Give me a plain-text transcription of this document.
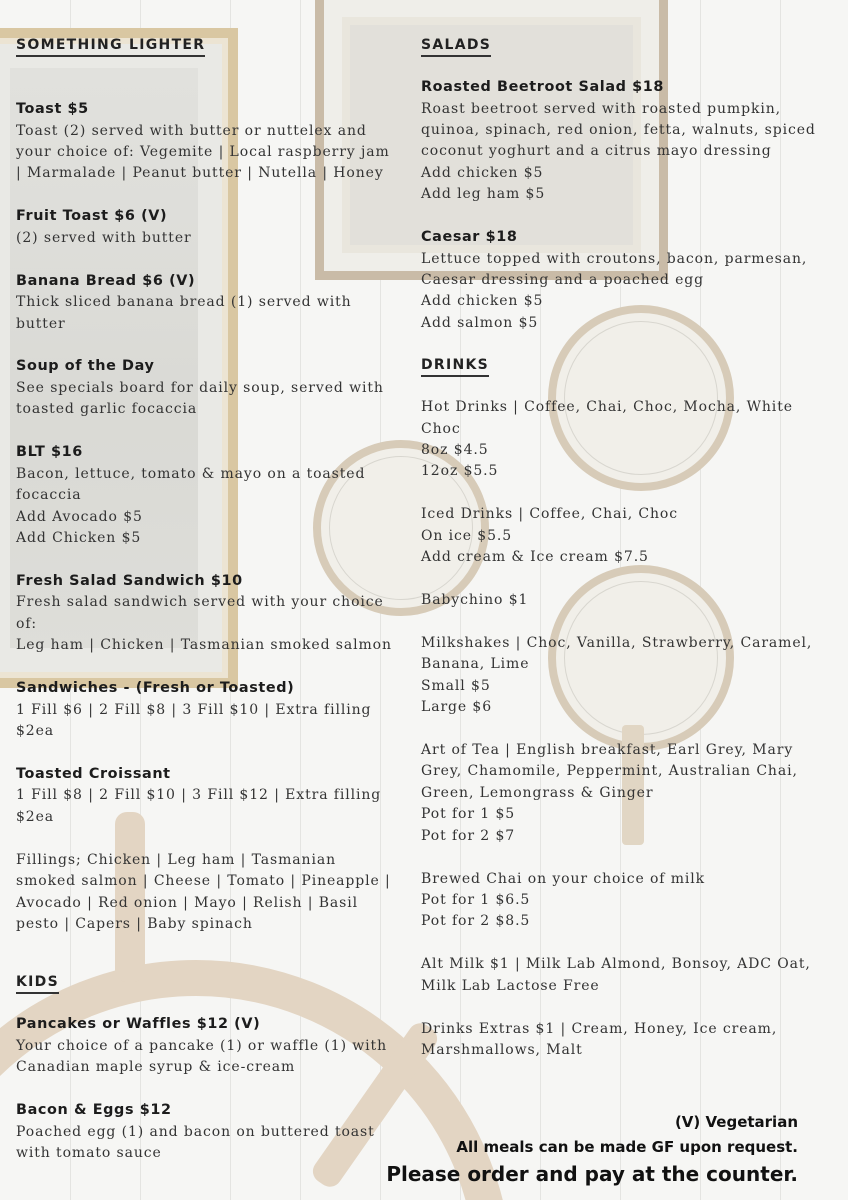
SOMETHING LIGHTER
Toast $5
Toast (2) served with butter or nuttelex and
your choice of: Vegemite | Local raspberry jam
| Marmalade | Peanut butter | Nutella | Honey
Fruit Toast $6 (V)
(2) served with butter
Banana Bread $6 (V)
Thick sliced banana bread (1) served with
butter
Soup of the Day
See specials board for daily soup, served with
toasted garlic focaccia
BLT $16
Bacon, lettuce, tomato & mayo on a toasted
focaccia
Add Avocado $5
Add Chicken $5
Fresh Salad Sandwich $10
Fresh salad sandwich served with your choice
of:
Leg ham | Chicken | Tasmanian smoked salmon
Sandwiches - (Fresh or Toasted)
1 Fill $6 | 2 Fill $8 | 3 Fill $10 | Extra filling
$2ea
Toasted Croissant
1 Fill $8 | 2 Fill $10 | 3 Fill $12 | Extra filling
$2ea
Fillings; Chicken | Leg ham | Tasmanian
smoked salmon | Cheese | Tomato | Pineapple |
Avocado | Red onion | Mayo | Relish | Basil
pesto | Capers | Baby spinach
KIDS
Pancakes or Waffles $12 (V)
Your choice of a pancake (1) or waffle (1) with
Canadian maple syrup & ice-cream
Bacon & Eggs $12
Poached egg (1) and bacon on buttered toast
with tomato sauce
SALADS
Roasted Beetroot Salad $18
Roast beetroot served with roasted pumpkin,
quinoa, spinach, red onion, fetta, walnuts, spiced
coconut yoghurt and a citrus mayo dressing
Add chicken $5
Add leg ham $5
Caesar $18
Lettuce topped with croutons, bacon, parmesan,
Caesar dressing and a poached egg
Add chicken $5
Add salmon $5
DRINKS
Hot Drinks | Coffee, Chai, Choc, Mocha, White
Choc
8oz $4.5
12oz $5.5
Iced Drinks | Coffee, Chai, Choc
On ice $5.5
Add cream & Ice cream $7.5
Babychino $1
Milkshakes | Choc, Vanilla, Strawberry, Caramel,
Banana, Lime
Small $5
Large $6
Art of Tea | English breakfast, Earl Grey, Mary
Grey, Chamomile, Peppermint, Australian Chai,
Green, Lemongrass & Ginger
Pot for 1 $5
Pot for 2 $7
Brewed Chai on your choice of milk
Pot for 1 $6.5
Pot for 2 $8.5
Alt Milk $1 | Milk Lab Almond, Bonsoy, ADC Oat,
Milk Lab Lactose Free
Drinks Extras $1 | Cream, Honey, Ice cream,
Marshmallows, Malt
(V) Vegetarian
All meals can be made GF upon request.
Please order and pay at the counter.
